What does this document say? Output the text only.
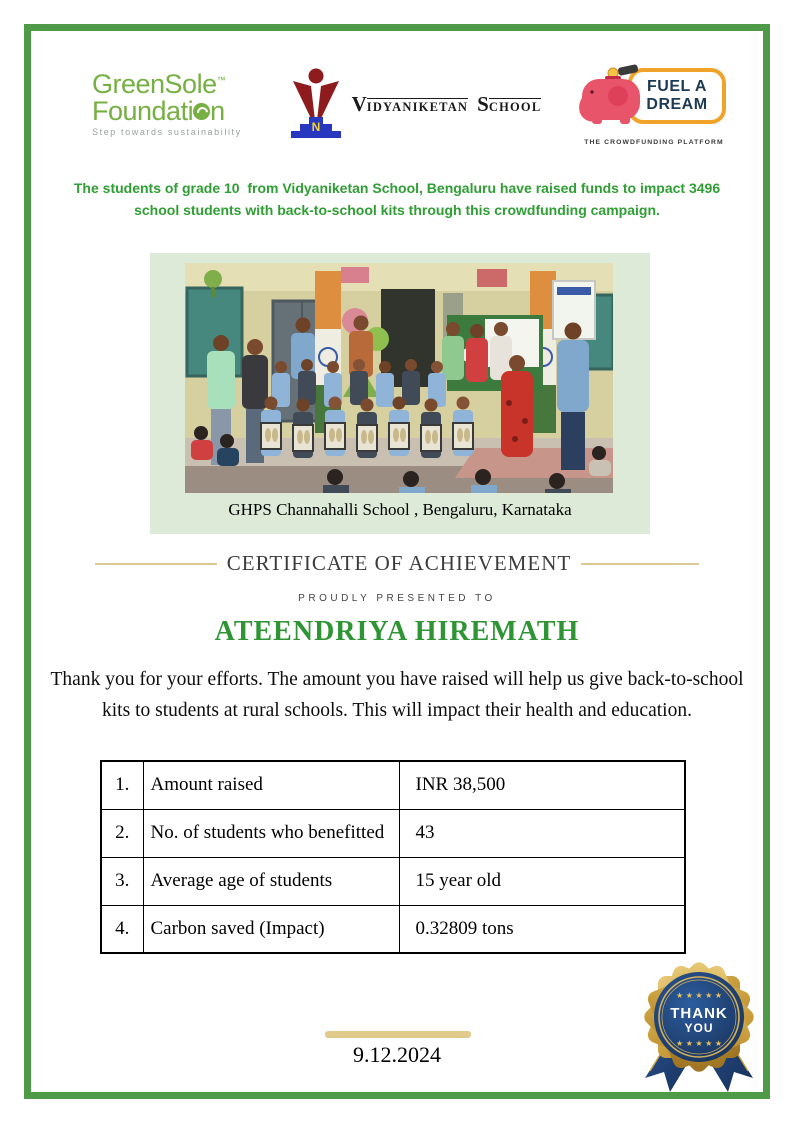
GreenSole™
Foundati n
Step towards sustainability	N
VIDYANIKETAN SCHOOL
FUEL A
DREAM
THE CROWDFUNDING PLATFORM
The students of grade 10  from Vidyaniketan School, Bengaluru have raised funds to impact 3496 school students with back-to-school kits through this crowdfunding campaign.
GHPS Channahalli School , Bengaluru, Karnataka
CERTIFICATE OF ACHIEVEMENT
PROUDLY PRESENTED TO
ATEENDRIYA HIREMATH
Thank you for your efforts. The amount you have raised will help us give back-to-school kits to students at rural schools. This will impact their health and education.
1.	Amount raised	INR 38,500
2.	No. of students who benefitted	43
3.	Average age of students	15 year old
4.	Carbon saved (Impact)	0.32809 tons
9.12.2024
★ ★ ★ ★ ★
THANK
YOU
★ ★ ★ ★ ★
